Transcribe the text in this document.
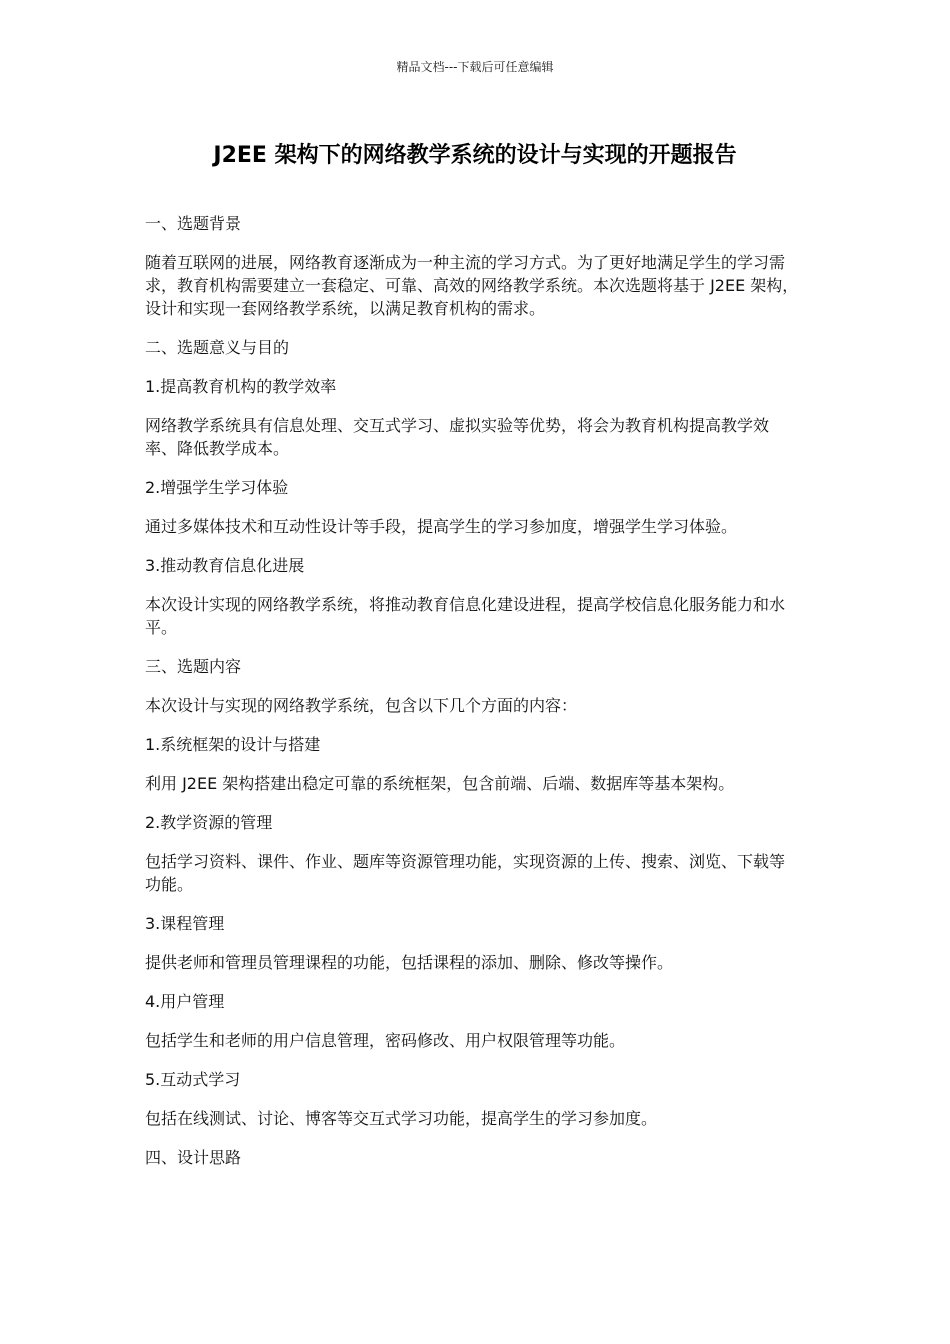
精品文档---下载后可任意编辑
J2EE 架构下的网络教学系统的设计与实现的开题报告

一、选题背景

随着互联网的进展，网络教育逐渐成为一种主流的学习方式。为了更好地满足学生的学习需求，教育机构需要建立一套稳定、可靠、高效的网络教学系统。本次选题将基于 J2EE 架构，设计和实现一套网络教学系统，以满足教育机构的需求。

二、选题意义与目的

1.提高教育机构的教学效率

网络教学系统具有信息处理、交互式学习、虚拟实验等优势，将会为教育机构提高教学效率、降低教学成本。

2.增强学生学习体验

通过多媒体技术和互动性设计等手段，提高学生的学习参加度，增强学生学习体验。

3.推动教育信息化进展

本次设计实现的网络教学系统，将推动教育信息化建设进程，提高学校信息化服务能力和水平。

三、选题内容

本次设计与实现的网络教学系统，包含以下几个方面的内容：

1.系统框架的设计与搭建

利用 J2EE 架构搭建出稳定可靠的系统框架，包含前端、后端、数据库等基本架构。

2.教学资源的管理

包括学习资料、课件、作业、题库等资源管理功能，实现资源的上传、搜索、浏览、下载等功能。

3.课程管理

提供老师和管理员管理课程的功能，包括课程的添加、删除、修改等操作。

4.用户管理

包括学生和老师的用户信息管理，密码修改、用户权限管理等功能。

5.互动式学习

包括在线测试、讨论、博客等交互式学习功能，提高学生的学习参加度。

四、设计思路
